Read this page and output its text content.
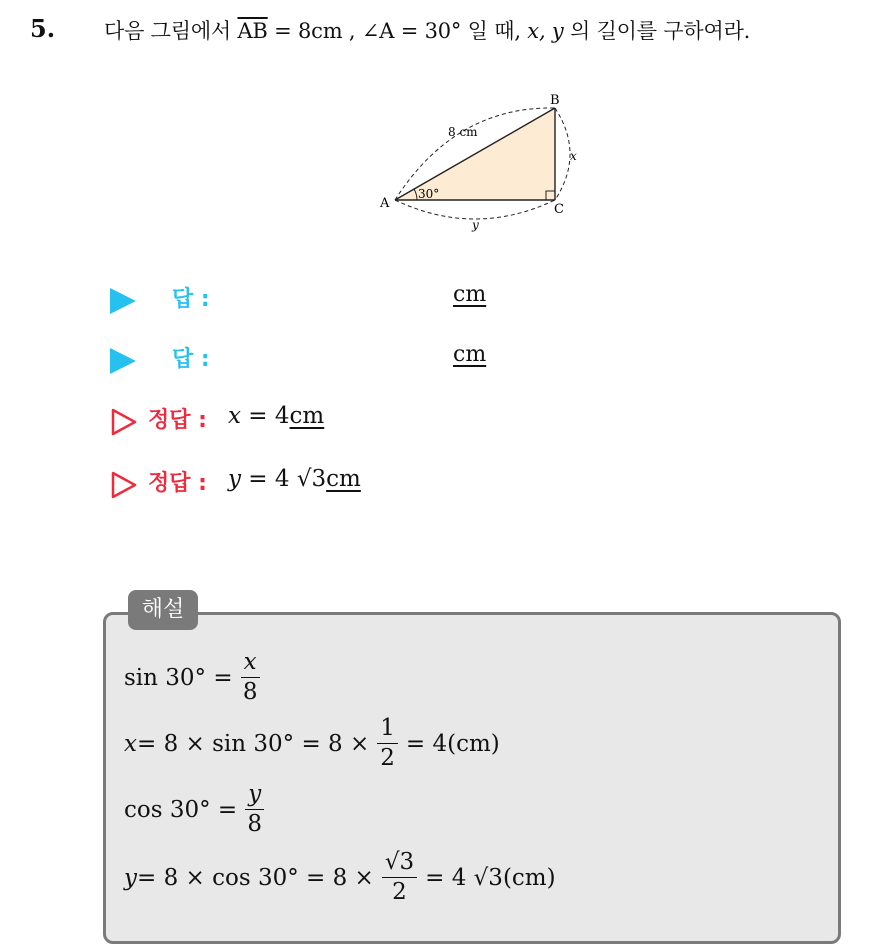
5. 다음 그림에서 $\overline{AB} = 8cm$ , ∠A = 30° 일 때, x, y 의 길이를 구하여라.
A
B
C
8 cm
x
y
30°
답 :	cm
답 :	cm
정답 : x = 4cm
정답 : y = 4 √3cm
해설
$\sin 30^\circ = \frac{x}{8}$
$x = 8 \times \sin 30^\circ = 8 \times \frac{1}{2} = 4(cm)$
$\cos 30^\circ = \frac{y}{8}$
$y = 8 \times \cos 30^\circ = 8 \times \frac{√3}{2} = 4$ √3(cm)
